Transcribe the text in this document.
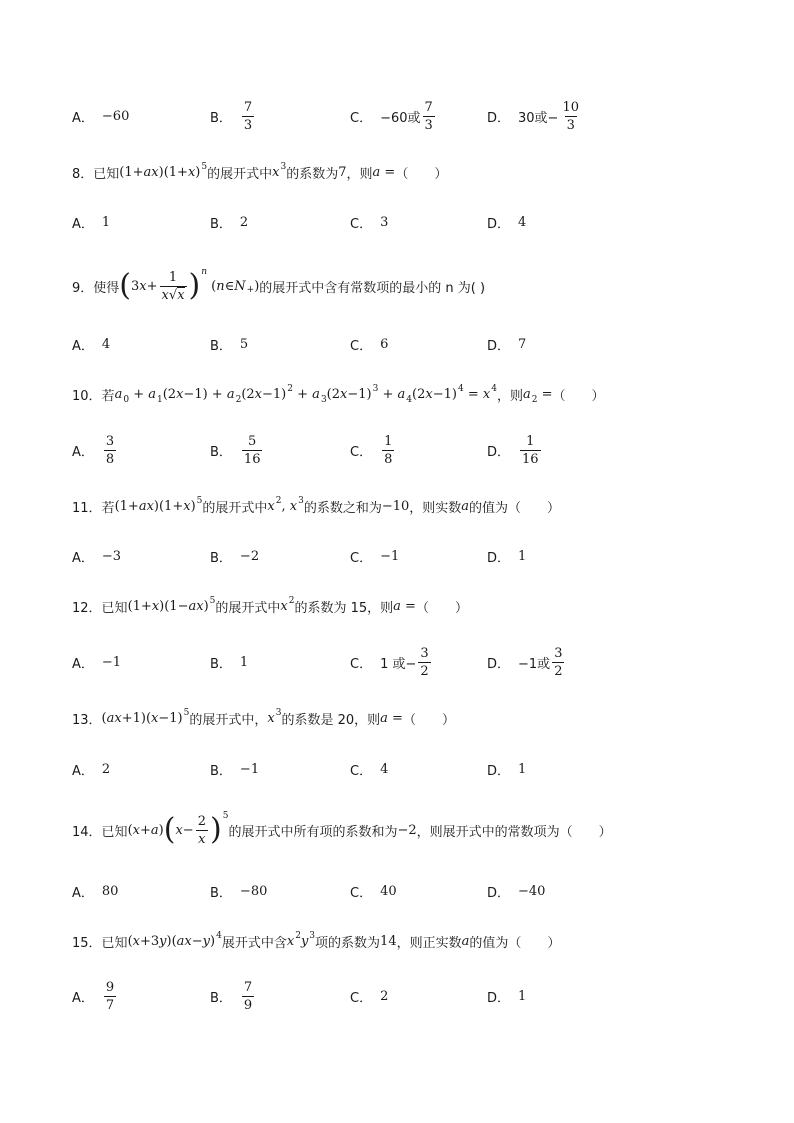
A． −60	B． $\frac{7}{3}$	C． −60或 $\frac{7}{3}$	D． 30或− $\frac{10}{3}$
8． 已知 $(1+ax)(1+x)^5$ 的展开式中 $x^3$ 的系数为 7 ，则 a = （　　）
A． 1	B． 2	C． 3	D． 4
9． 使得 ( 3 $x + \frac{1}{x√x}$ ) n
( n ∈ N + ) 的展开式中含有常数项的最小的 n 为( )
A． 4	B． 5	C． 6	D． 7
10． 若 $a_0 + a_1(2x-1) + a_2(2x-1)^2 + a_3(2x-1)^3 + a_4(2x-1)^4 = x^4$ ，则 $a_2$ = （　　）
A． $\frac{3}{8}$	B． $\frac{5}{16}$	C． $\frac{1}{8}$	D． $\frac{1}{16}$
11． 若 $(1+ax)(1+x)^5$ 的展开式中 $x^2$, $x^3$ 的系数之和为 −10 ，则实数 a 的值为（　　）
A． −3	B． −2	C． −1	D． 1
12． 已知 $(1+x)(1-ax)^5$ 的展开式中 $x^2$ 的系数为 15，则 a = （　　）
A． −1	B． 1	C． 1 或− $\frac{3}{2}$	D． −1或 $\frac{3}{2}$
13． $(ax+1)(x-1)^5$ 的展开式中， $x^3$ 的系数是 20，则 a = （　　）
A． 2	B． −1	C． 4	D． 1
14． 已知 ( x + a ) ( $x - \frac{2}{x}$ ) 5
的展开式中所有项的系数和为 −2 ，则展开式中的常数项为（　　）
A． 80	B． −80	C． 40	D． −40
15． 已知 $(x+3y)(ax-y)^4$ 展开式中含 $x^2y^3$ 项的系数为 14 ，则正实数 a 的值为（　　）
A． $\frac{9}{7}$	B． $\frac{7}{9}$	C． 2	D． 1
